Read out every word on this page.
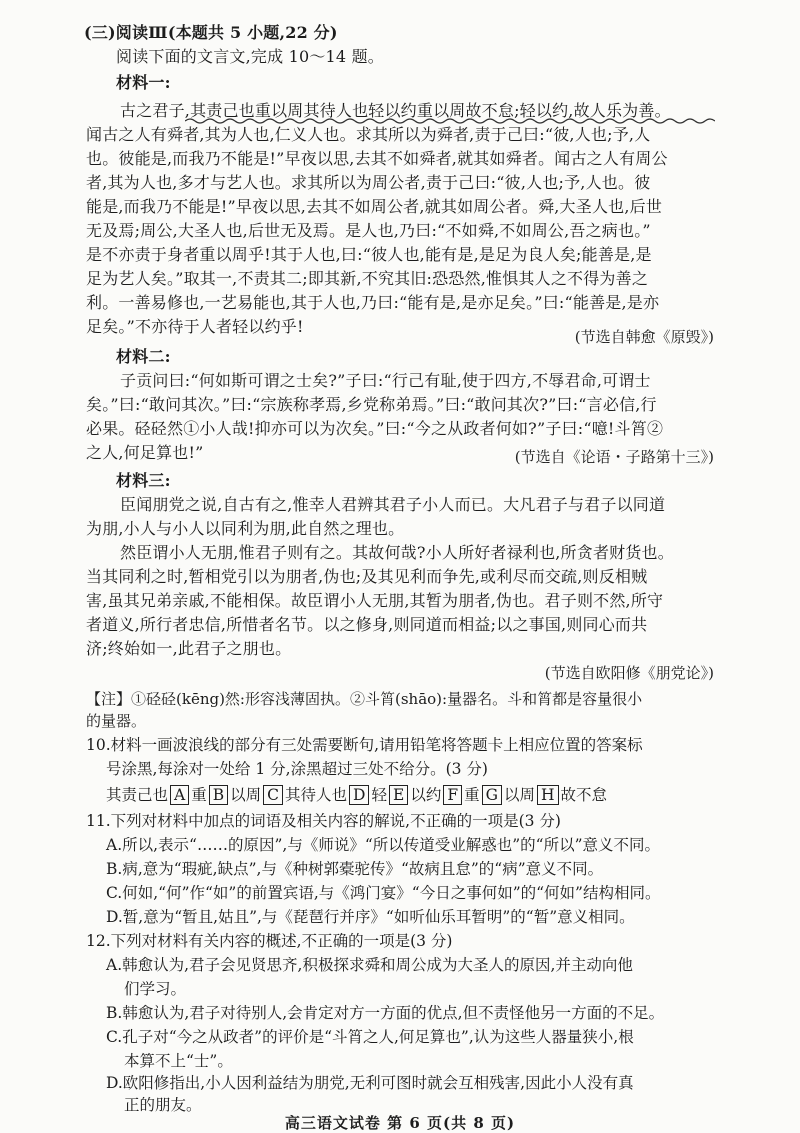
(三)阅读Ⅲ(本题共 5 小题,22 分)
阅读下面的文言文,完成 10～14 题。
材料一:
古之君子,其责己也重以周其待人也轻以约重以周故不怠;轻以约,故人乐为善。
闻古之人有舜者,其为人也,仁义人也。求其所以为舜者,责于己曰:“彼,人也;予,人
也。彼能是,而我乃不能是!”早夜以思,去其不如舜者,就其如舜者。闻古之人有周公
者,其为人也,多才与艺人也。求其所以为周公者,责于己曰:“彼,人也;予,人也。彼
能是,而我乃不能是!”早夜以思,去其不如周公者,就其如周公者。舜,大圣人也,后世
无及焉;周公,大圣人也,后世无及焉。是人也,乃曰:“不如舜,不如周公,吾之病也。”
是不亦责于身者重以周乎!其于人也,曰:“彼人也,能有是,是足为良人矣;能善是,是
足为艺人矣。”取其一,不责其二;即其新,不究其旧:恐恐然,惟惧其人之不得为善之
利。一善易修也,一艺易能也,其于人也,乃曰:“能有是,是亦足矣。”曰:“能善是,是亦
足矣。”不亦待于人者轻以约乎!
(节选自韩愈《原毁》)
材料二:
子贡问曰:“何如斯可谓之士矣?”子曰:“行己有耻,使于四方,不辱君命,可谓士
矣。”曰:“敢问其次。”曰:“宗族称孝焉,乡党称弟焉。”曰:“敢问其次?”曰:“言必信,行
必果。硁硁然①小人哉!抑亦可以为次矣。”曰:“今之从政者何如?”子曰:“噫!斗筲②
之人,何足算也!”	(节选自《论语・子路第十三》)
材料三:
臣闻朋党之说,自古有之,惟幸人君辨其君子小人而已。大凡君子与君子以同道
为朋,小人与小人以同利为朋,此自然之理也。
然臣谓小人无朋,惟君子则有之。其故何哉?小人所好者禄利也,所贪者财货也。
当其同利之时,暂相党引以为朋者,伪也;及其见利而争先,或利尽而交疏,则反相贼
害,虽其兄弟亲戚,不能相保。故臣谓小人无朋,其暂为朋者,伪也。君子则不然,所守
者道义,所行者忠信,所惜者名节。以之修身,则同道而相益;以之事国,则同心而共
济;终始如一,此君子之朋也。
(节选自欧阳修《朋党论》)
【注】①硁硁(kēng)然:形容浅薄固执。②斗筲(shāo):量器名。斗和筲都是容量很小
的量器。
10.材料一画波浪线的部分有三处需要断句,请用铅笔将答题卡上相应位置的答案标
号涂黑,每涂对一处给 1 分,涂黑超过三处不给分。(3 分)
其责己也 A 重 B 以周 C 其待人也 D 轻 E 以约 F 重 G 以周 H 故不怠
11.下列对材料中加点的词语及相关内容的解说,不正确的一项是(3 分)
A.所以,表示“……的原因”,与《师说》“所以传道受业解惑也”的“所以”意义不同。
B.病,意为“瑕疵,缺点”,与《种树郭橐驼传》“故病且怠”的“病”意义不同。
C.何如,“何”作“如”的前置宾语,与《鸿门宴》“今日之事何如”的“何如”结构相同。
D.暂,意为“暂且,姑且”,与《琵琶行并序》“如听仙乐耳暂明”的“暂”意义相同。
12.下列对材料有关内容的概述,不正确的一项是(3 分)
A.韩愈认为,君子会见贤思齐,积极探求舜和周公成为大圣人的原因,并主动向他
们学习。
B.韩愈认为,君子对待别人,会肯定对方一方面的优点,但不责怪他另一方面的不足。
C.孔子对“今之从政者”的评价是“斗筲之人,何足算也”,认为这些人器量狭小,根
本算不上“士”。
D.欧阳修指出,小人因利益结为朋党,无利可图时就会互相残害,因此小人没有真
正的朋友。
高三语文试卷 第 6 页(共 8 页)
